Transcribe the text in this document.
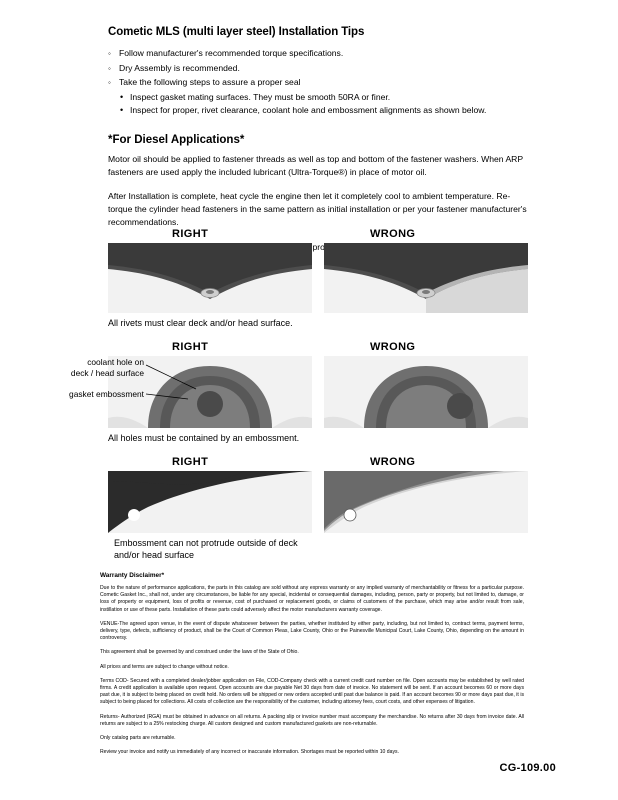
Cometic MLS (multi layer steel) Installation Tips
◦ Follow manufacturer's recommended torque specifications.
◦ Dry Assembly is recommended.
◦ Take the following steps to assure a proper seal
• Inspect gasket mating surfaces. They must be smooth 50RA or finer.
• Inspect for proper, rivet clearance, coolant hole and embossment alignments as shown below.
*For Diesel Applications*

Motor oil should be applied to fastener threads as well as top and bottom of the fastener washers. When ARP fasteners are used apply the included lubricant (Ultra-Torque®) in place of motor oil.

After Installation is complete, heat cycle the engine then let it completely cool to ambient temperature. Re-torque the cylinder head fasteners in the same pattern as initial installation or per your fastener manufacturer's recommendations.

RIGHT	WRONG
All rivets must clear deck and/or head surface.
RIGHT	WRONG
All holes must be contained by an embossment.
coolant hole on
deck / head surface
gasket embossment
RIGHT	WRONG
Embossment can not protrude outside of deck
and/or head surface
Warranty Disclaimer*

Due to the nature of performance applications, the parts in this catalog are sold without any express warranty or any implied warranty of merchantability or fitness for a particular purpose. Cometic Gasket Inc., shall not, under any circumstances, be liable for any special, incidental or consequential damages, including, person, party or property, but not limited to, damage, or loss of property or equipment, loss of profits or revenue, cost of purchased or replacement goods, or claims of customers of the purchase, which may arise and/or result from sale, instillation or use of these parts. Installation of these parts could adversely affect the motor manufacturers warranty coverage.

VENUE-The agreed upon venue, in the event of dispute whatsoever between the parties, whether instituted by either party, including, but not limited to, contract terms, payment terms, delivery, type, defects, sufficiency of product, shall be the Court of Common Pleas, Lake County, Ohio or the Painesville Municipal Court, Lake County, Ohio, depending on the amount in controversy.

This agreement shall be governed by and construed under the laws of the State of Ohio.

All prices and terms are subject to change without notice.

Terms COD- Secured with a completed dealer/jobber application on File, COD-Company check with a current credit card number on file. Open accounts may be established by well rated firms. A credit application is available upon request. Open accounts are due payable Net 30 days from date of invoice. No statement will be sent. If an account becomes 60 or more days past due, it is subject to being placed on credit hold. No orders will be shipped or new orders accepted until past due balance is paid. If an account becomes 90 or more days past due, it is subject to being placed for collections. All costs of collection are the responsibility of the customer, including attorney fees, court costs, and other expenses of litigation.

Returns- Authorized (RGA) must be obtained in advance on all returns. A packing slip or invoice number must accompany the merchandise. No returns after 30 days from invoice date. All returns are subject to a 25% restocking charge. All custom designed and custom manufactured gaskets are non-returnable.

Only catalog parts are returnable.

Review your invoice and notify us immediately of any incorrect or inaccurate information. Shortages must be reported within 10 days.

CG-109.00
